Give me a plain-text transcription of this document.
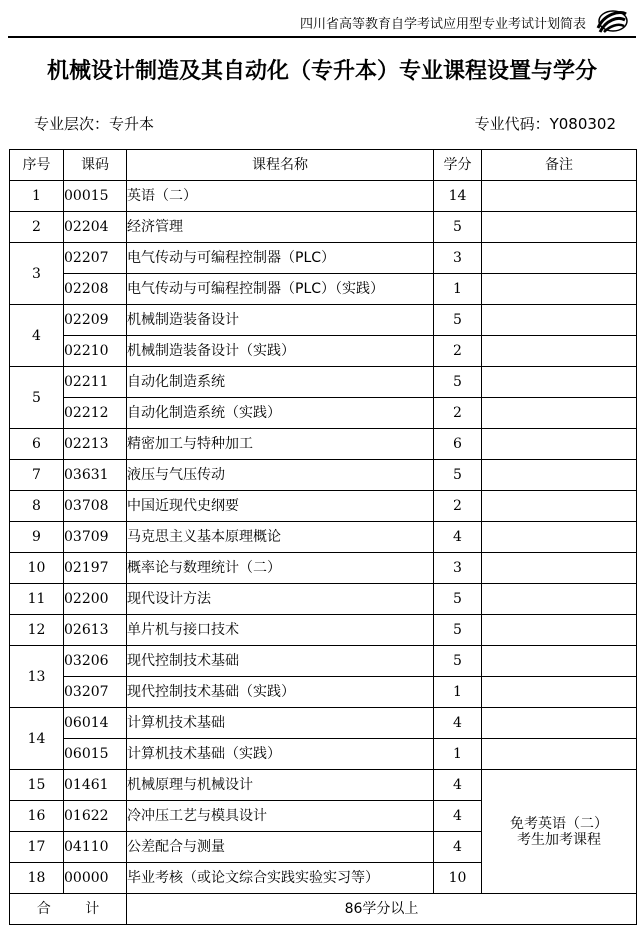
四川省高等教育自学考试应用型专业考试计划简表
机械设计制造及其自动化（专升本）专业课程设置与学分
专业层次：专升本	专业代码：Y080302
序号	课码	课程名称	学分	备注
1	00015	英语（二）	14	
2	02204	经济管理	5	
3	02207	电气传动与可编程控制器（PLC）	3	
	02208	电气传动与可编程控制器（PLC）（实践）	1	
4	02209	机械制造装备设计	5	
	02210	机械制造装备设计（实践）	2	
5	02211	自动化制造系统	5	
	02212	自动化制造系统（实践）	2	
6	02213	精密加工与特种加工	6	
7	03631	液压与气压传动	5	
8	03708	中国近现代史纲要	2	
9	03709	马克思主义基本原理概论	4	
10	02197	概率论与数理统计（二）	3	
11	02200	现代设计方法	5	
12	02613	单片机与接口技术	5	
13	03206	现代控制技术基础	5	
	03207	现代控制技术基础（实践）	1	
14	06014	计算机技术基础	4	
	06015	计算机技术基础（实践）	1	
15	01461	机械原理与机械设计	4	免考英语（二）
考生加考课程

16	01622	冷冲压工艺与模具设计	4	
17	04110	公差配合与测量	4	
18	00000	毕业考核（或论文综合实践实验实习等）	10	
合 计		86学分以上		
